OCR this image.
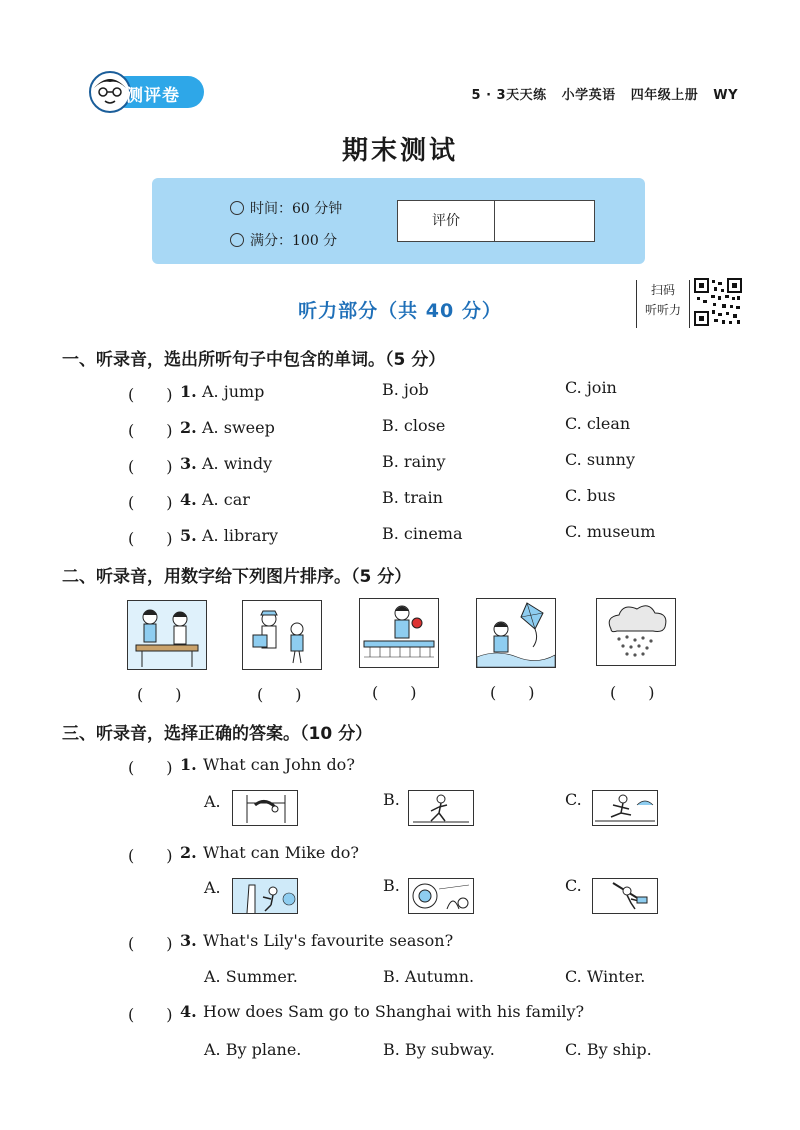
测评卷	5 · 3天天练 小学英语 四年级上册 WY
期末测试
时间：60 分钟
满分：100 分
评价
听力部分（共 40 分）
扫码
听听力
一、听录音，选出所听句子中包含的单词。（5 分）
(　　) 1. A. jump	B. job	C. join
(　　) 2. A. sweep	B. close	C. clean
(　　) 3. A. windy	B. rainy	C. sunny
(　　) 4. A. car	B. train	C. bus
(　　) 5. A. library	B. cinema	C. museum
二、听录音，用数字给下列图片排序。（5 分）
(　　)	(　　)	(　　)	(　　)	(　　)
三、听录音，选择正确的答案。（10 分）
(　　) 1. What can John do?
A.	B.	C.
(　　) 2. What can Mike do?
A.	B.	C.
(　　) 3. What's Lily's favourite season?
A. Summer.	B. Autumn.	C. Winter.
(　　) 4. How does Sam go to Shanghai with his family?
A. By plane.	B. By subway.	C. By ship.
